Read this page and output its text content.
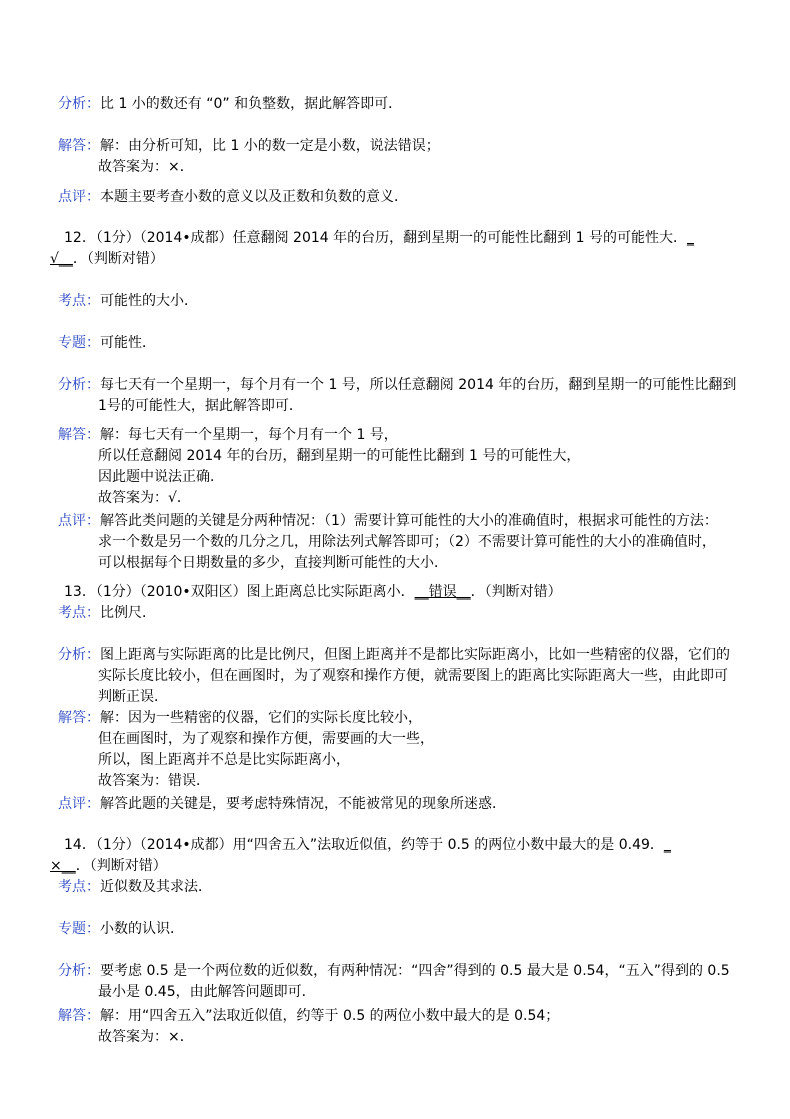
分析：比 1 小的数还有 “0” 和负整数，据此解答即可．
解答：解：由分析可知，比 1 小的数一定是小数，说法错误；
故答案为：×．
点评：本题主要考查小数的意义以及正数和负数的意义．
12．（1分）（2014•成都）任意翻阅 2014 年的台历，翻到星期一的可能性比翻到 1 号的可能性大．_
√__．（判断对错）
考点：可能性的大小．
专题：可能性．
分析：每七天有一个星期一，每个月有一个 1 号，所以任意翻阅 2014 年的台历，翻到星期一的可能性比翻到
1号的可能性大，据此解答即可．
解答：解：每七天有一个星期一，每个月有一个 1 号，
所以任意翻阅 2014 年的台历，翻到星期一的可能性比翻到 1 号的可能性大，
因此题中说法正确．
故答案为：√．
点评：解答此类问题的关键是分两种情况：（1）需要计算可能性的大小的准确值时，根据求可能性的方法：
求一个数是另一个数的几分之几，用除法列式解答即可；（2）不需要计算可能性的大小的准确值时，
可以根据每个日期数量的多少，直接判断可能性的大小．
13．（1分）（2010•双阳区）图上距离总比实际距离小．__错误__．（判断对错）
考点：比例尺．
分析：图上距离与实际距离的比是比例尺，但图上距离并不是都比实际距离小，比如一些精密的仪器，它们的
实际长度比较小，但在画图时，为了观察和操作方便，就需要图上的距离比实际距离大一些，由此即可
判断正误．
解答：解：因为一些精密的仪器，它们的实际长度比较小，
但在画图时，为了观察和操作方便，需要画的大一些，
所以，图上距离并不总是比实际距离小，
故答案为：错误．
点评：解答此题的关键是，要考虑特殊情况，不能被常见的现象所迷惑．
14．（1分）（2014•成都）用“四舍五入”法取近似值，约等于 0.5 的两位小数中最大的是 0.49．_
×__．（判断对错）
考点：近似数及其求法．
专题：小数的认识．
分析：要考虑 0.5 是一个两位数的近似数，有两种情况：“四舍”得到的 0.5 最大是 0.54，“五入”得到的 0.5
最小是 0.45，由此解答问题即可．
解答：解：用“四舍五入”法取近似值，约等于 0.5 的两位小数中最大的是 0.54；
故答案为：×．
